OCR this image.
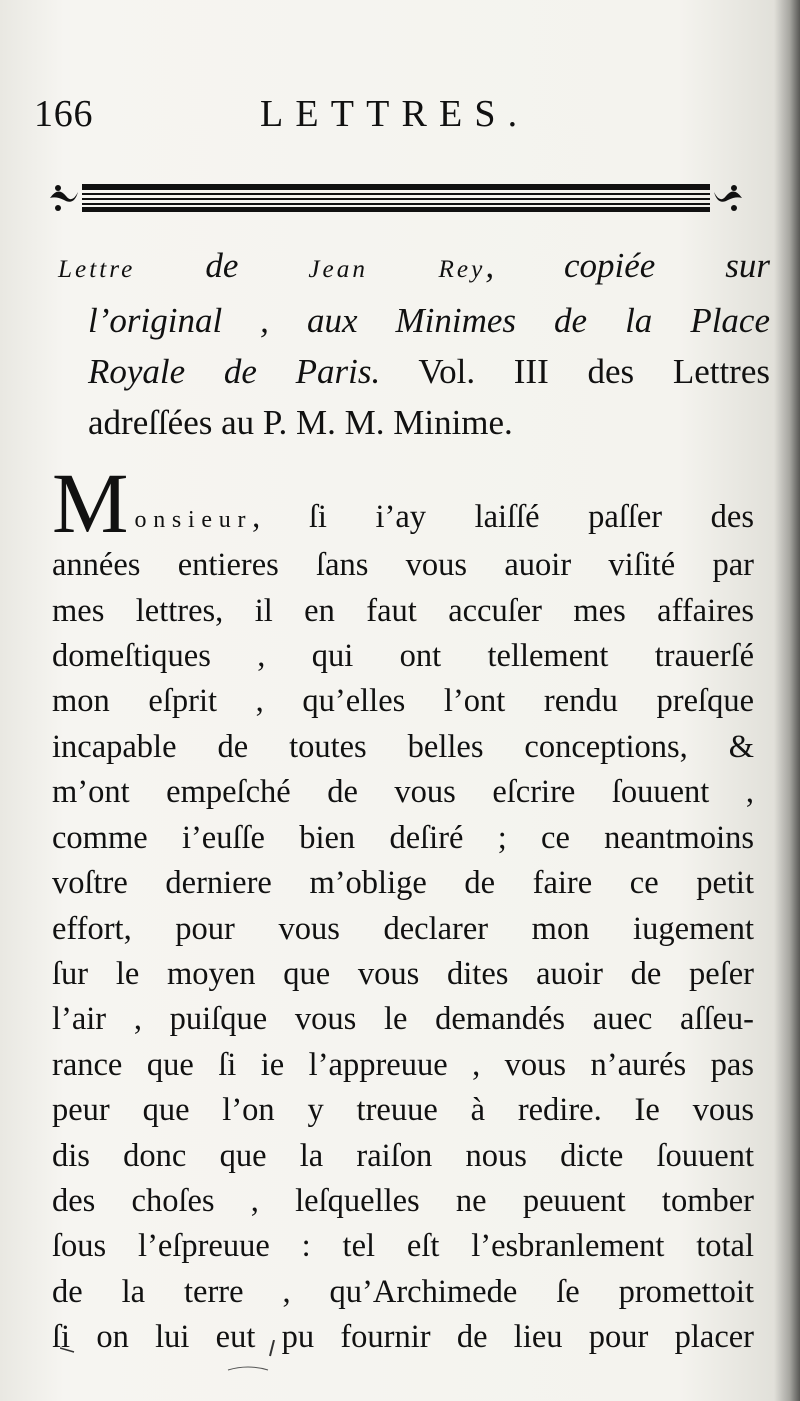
166	LETTRES.
Lettre de	Jean Rey, copiée sur
l’original , aux Minimes de la Place
Royale de Paris. Vol. III des Lettres
adreſſées au P. M. M. Minime.
Monsieur, ſi i’ay laiſſé paſſer des
années entieres ſans vous auoir viſité par
mes lettres, il en faut accuſer mes affaires
domeſtiques , qui ont tellement trauerſé
mon eſprit , qu’elles l’ont rendu preſque
incapable de toutes belles conceptions, &
m’ont empeſché de vous eſcrire ſouuent ,
comme i’euſſe bien deſiré ; ce neantmoins
voſtre derniere m’oblige de faire ce petit
effort, pour vous declarer mon iugement
ſur le moyen que vous dites auoir de peſer
l’air , puiſque vous le demandés auec aſſeu-
rance que ſi ie l’appreuue , vous n’aurés pas
peur que l’on y treuue à redire. Ie vous
dis donc que la raiſon nous dicte ſouuent
des choſes , leſquelles ne peuuent tomber
ſous l’eſpreuue : tel eſt l’esbranlement total
de la terre , qu’Archimede ſe promettoit
ſi on lui eut pu fournir de lieu pour placer
